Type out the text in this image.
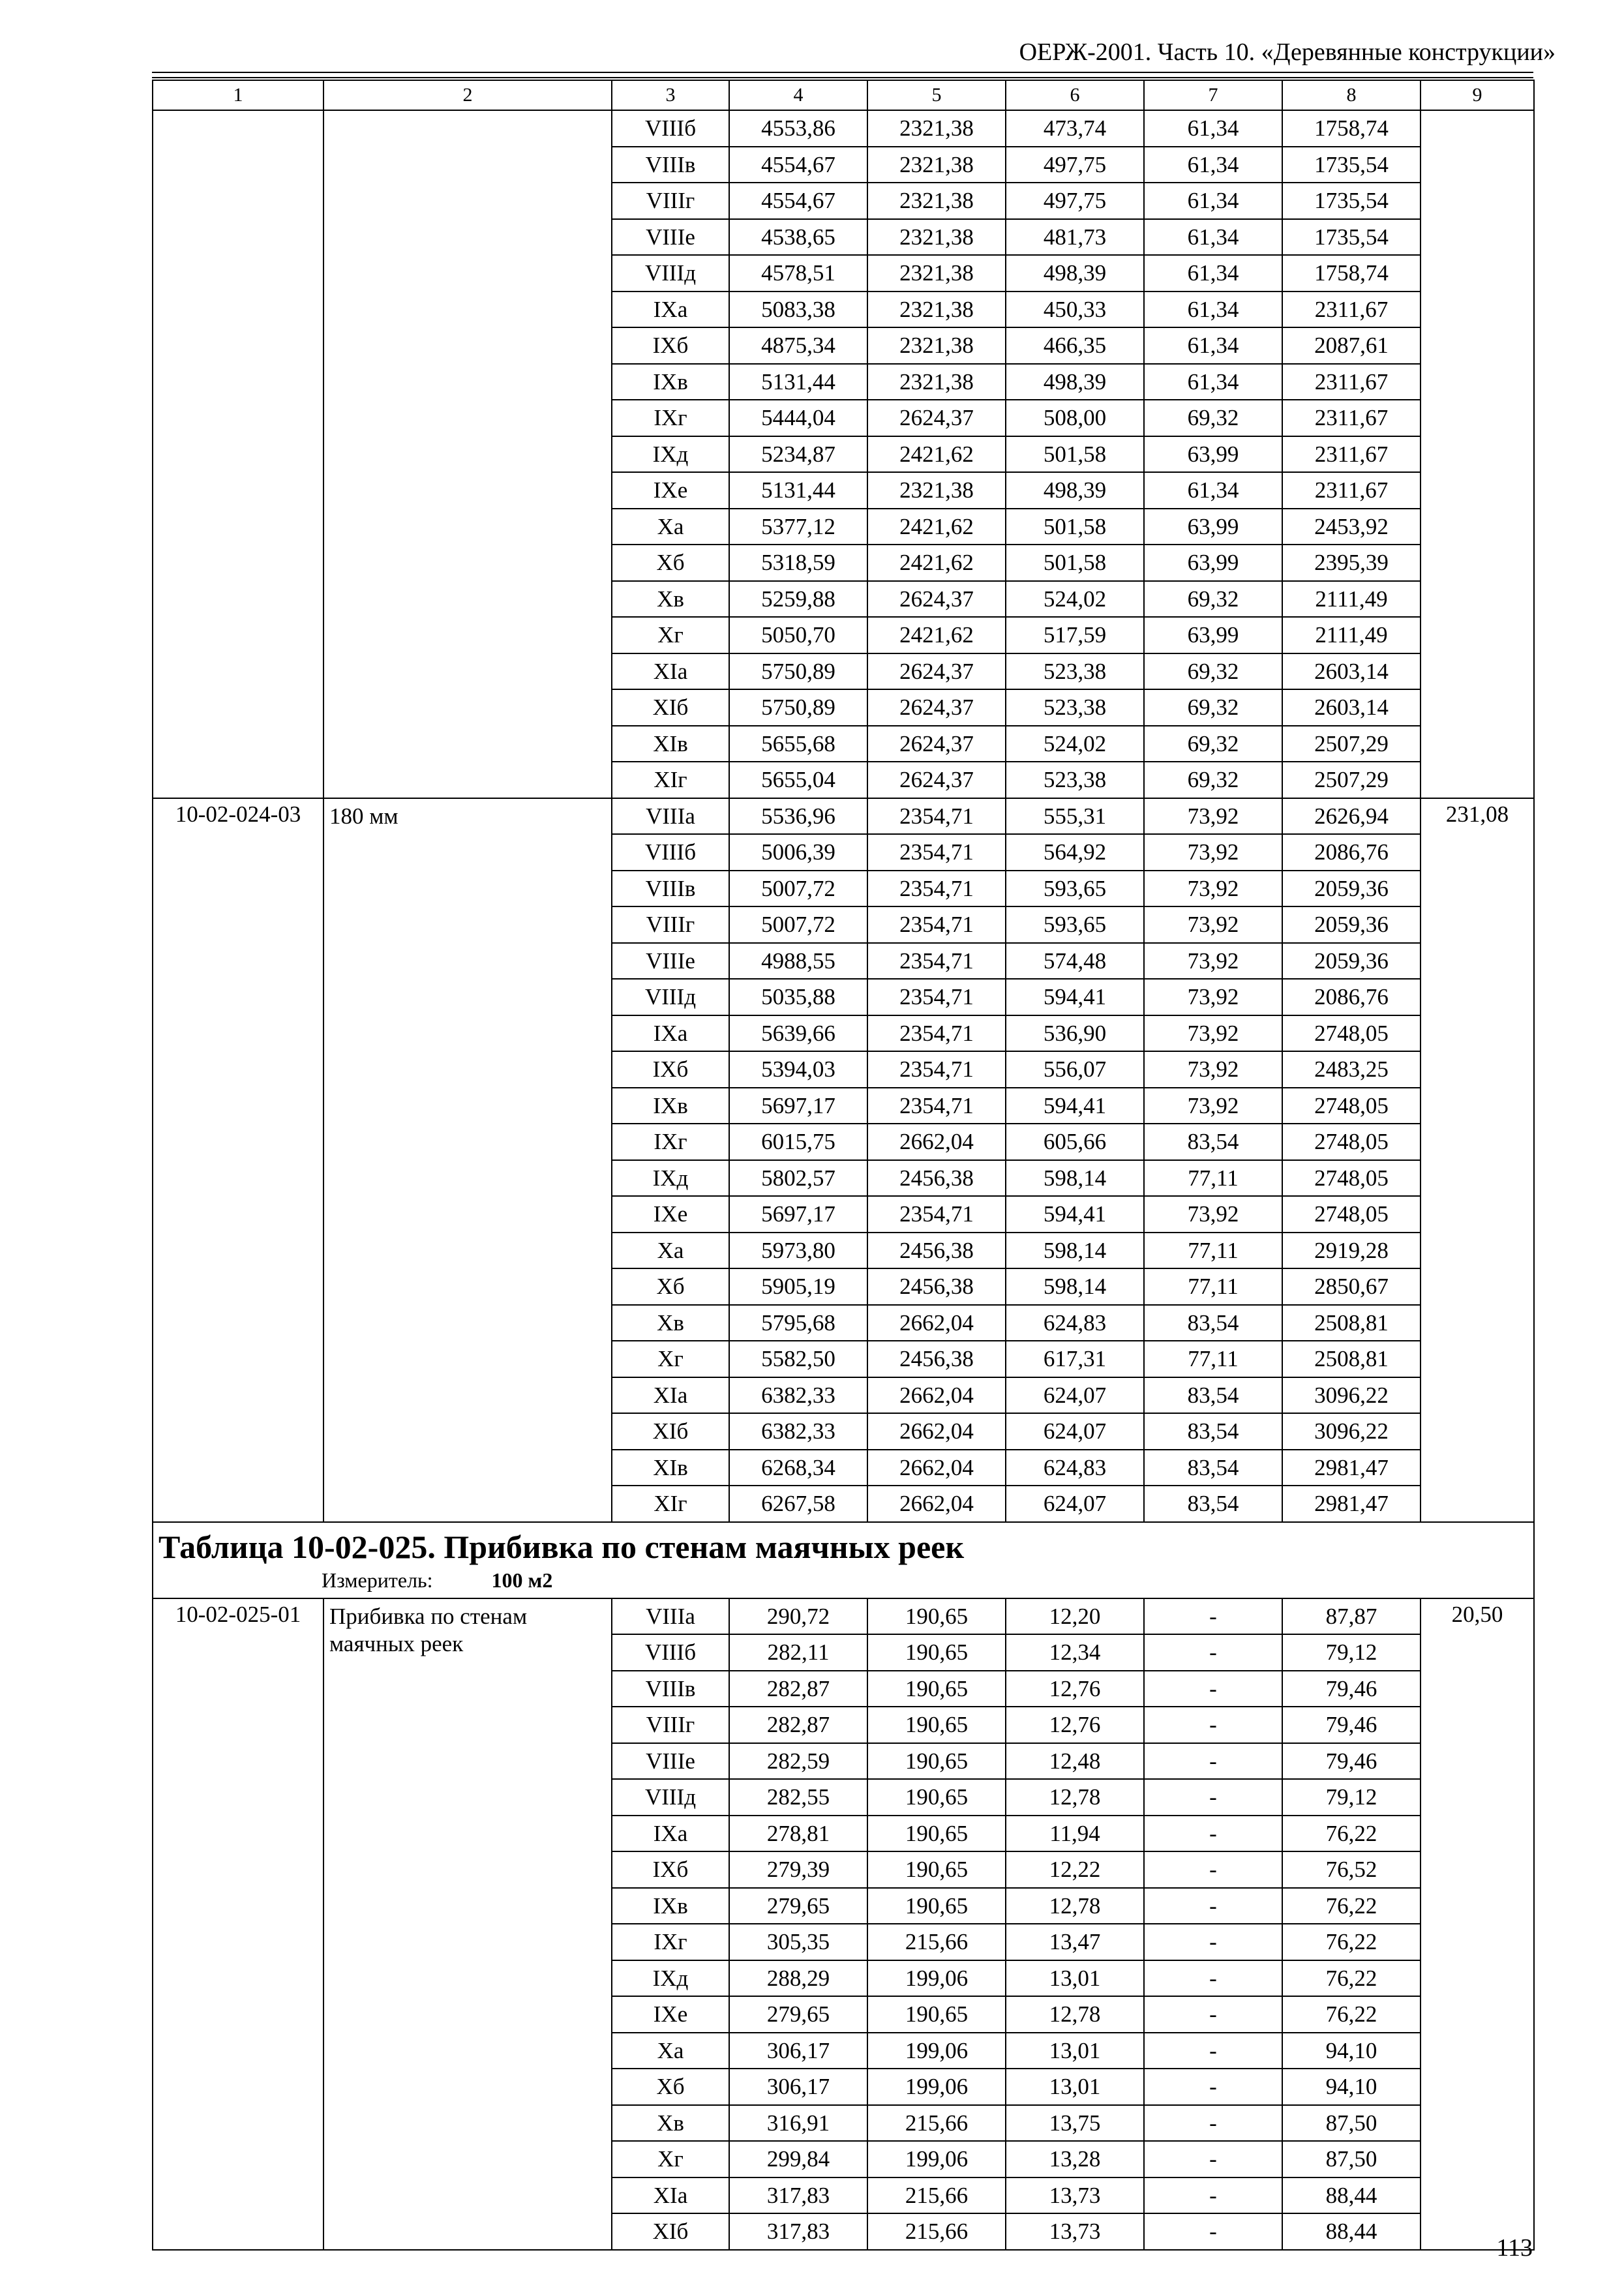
ОЕРЖ-2001. Часть 10. «Деревянные конструкции»
1	2	3	4	5	6	7	8	9
		VIIIб	4553,86	2321,38	473,74	61,34	1758,74	
		VIIIв	4554,67	2321,38	497,75	61,34	1735,54	
		VIIIг	4554,67	2321,38	497,75	61,34	1735,54	
		VIIIе	4538,65	2321,38	481,73	61,34	1735,54	
		VIIIд	4578,51	2321,38	498,39	61,34	1758,74	
		IXа	5083,38	2321,38	450,33	61,34	2311,67	
		IXб	4875,34	2321,38	466,35	61,34	2087,61	
		IXв	5131,44	2321,38	498,39	61,34	2311,67	
		IXг	5444,04	2624,37	508,00	69,32	2311,67	
		IXд	5234,87	2421,62	501,58	63,99	2311,67	
		IXе	5131,44	2321,38	498,39	61,34	2311,67	
		Xа	5377,12	2421,62	501,58	63,99	2453,92	
		Xб	5318,59	2421,62	501,58	63,99	2395,39	
		Xв	5259,88	2624,37	524,02	69,32	2111,49	
		Xг	5050,70	2421,62	517,59	63,99	2111,49	
		XIа	5750,89	2624,37	523,38	69,32	2603,14	
		XIб	5750,89	2624,37	523,38	69,32	2603,14	
		XIв	5655,68	2624,37	524,02	69,32	2507,29	
		XIг	5655,04	2624,37	523,38	69,32	2507,29	
10-02-024-03	180 мм	VIIIа	5536,96	2354,71	555,31	73,92	2626,94	231,08
		VIIIб	5006,39	2354,71	564,92	73,92	2086,76	
		VIIIв	5007,72	2354,71	593,65	73,92	2059,36	
		VIIIг	5007,72	2354,71	593,65	73,92	2059,36	
		VIIIе	4988,55	2354,71	574,48	73,92	2059,36	
		VIIIд	5035,88	2354,71	594,41	73,92	2086,76	
		IXа	5639,66	2354,71	536,90	73,92	2748,05	
		IXб	5394,03	2354,71	556,07	73,92	2483,25	
		IXв	5697,17	2354,71	594,41	73,92	2748,05	
		IXг	6015,75	2662,04	605,66	83,54	2748,05	
		IXд	5802,57	2456,38	598,14	77,11	2748,05	
		IXе	5697,17	2354,71	594,41	73,92	2748,05	
		Xа	5973,80	2456,38	598,14	77,11	2919,28	
		Xб	5905,19	2456,38	598,14	77,11	2850,67	
		Xв	5795,68	2662,04	624,83	83,54	2508,81	
		Xг	5582,50	2456,38	617,31	77,11	2508,81	
		XIа	6382,33	2662,04	624,07	83,54	3096,22	
		XIб	6382,33	2662,04	624,07	83,54	3096,22	
		XIв	6268,34	2662,04	624,83	83,54	2981,47	
		XIг	6267,58	2662,04	624,07	83,54	2981,47	

Таблица 10-02-025. Прибивка по стенам маячных реек
Измеритель: 100 м2								

10-02-025-01	Прибивка по стенам маячных реек	VIIIа	290,72	190,65	12,20	-	87,87	20,50
		VIIIб	282,11	190,65	12,34	-	79,12	
		VIIIв	282,87	190,65	12,76	-	79,46	
		VIIIг	282,87	190,65	12,76	-	79,46	
		VIIIе	282,59	190,65	12,48	-	79,46	
		VIIIд	282,55	190,65	12,78	-	79,12	
		IXа	278,81	190,65	11,94	-	76,22	
		IXб	279,39	190,65	12,22	-	76,52	
		IXв	279,65	190,65	12,78	-	76,22	
		IXг	305,35	215,66	13,47	-	76,22	
		IXд	288,29	199,06	13,01	-	76,22	
		IXе	279,65	190,65	12,78	-	76,22	
		Xа	306,17	199,06	13,01	-	94,10	
		Xб	306,17	199,06	13,01	-	94,10	
		Xв	316,91	215,66	13,75	-	87,50	
		Xг	299,84	199,06	13,28	-	87,50	
		XIа	317,83	215,66	13,73	-	88,44	
		XIб	317,83	215,66	13,73	-	88,44	
113
